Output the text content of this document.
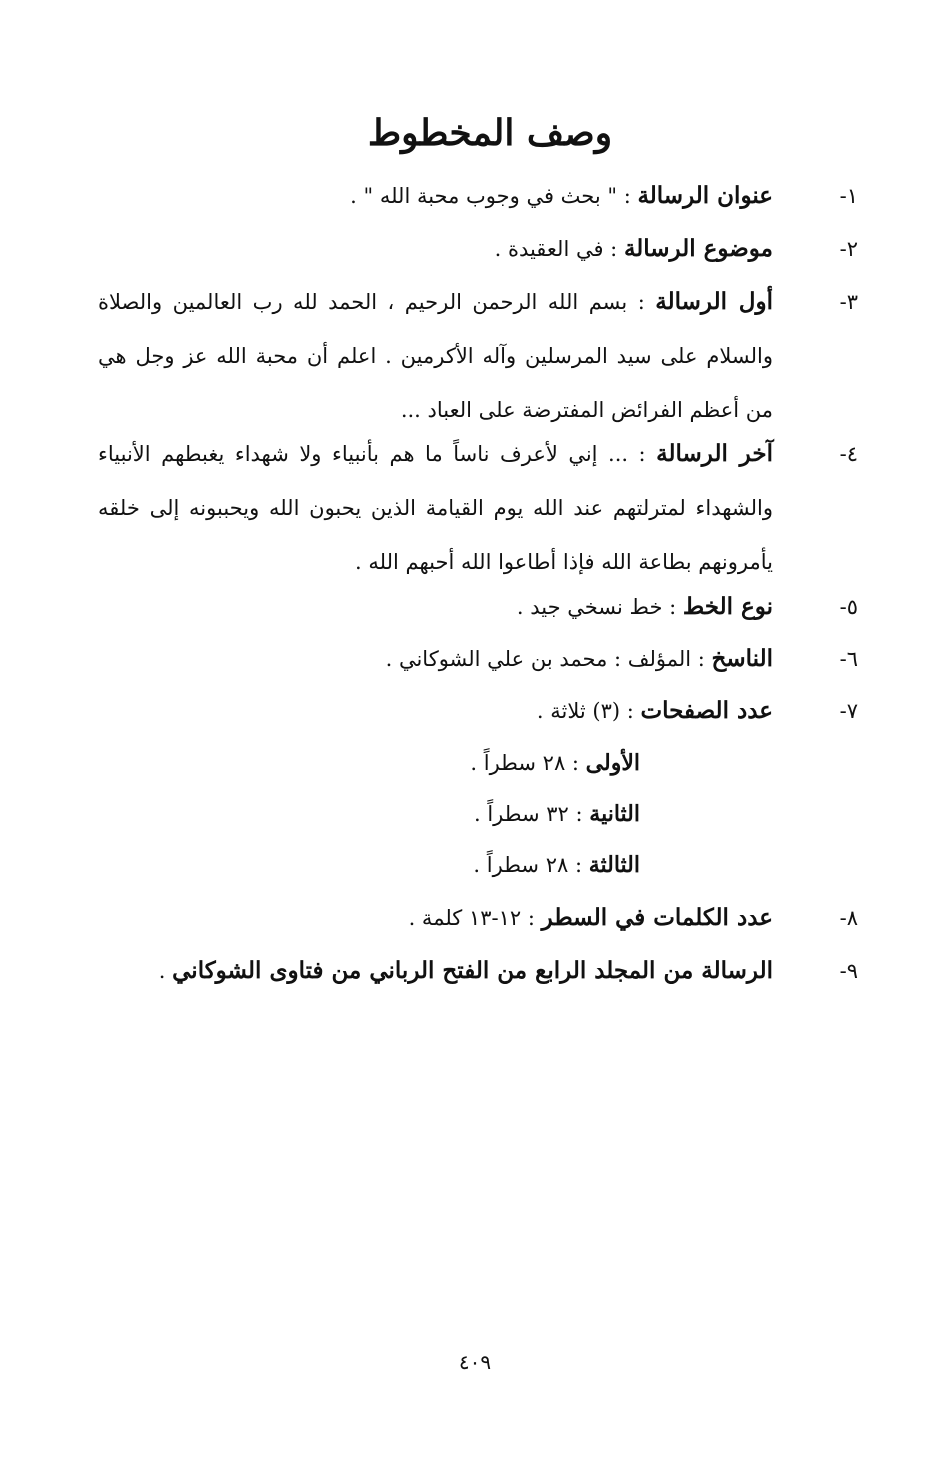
وصف المخطوط
١-
عنوان الرسالة : " بحث في وجوب محبة الله " .
٢-
موضوع الرسالة : في العقيدة .
٣-
أول الرسالة : بسم الله الرحمن الرحيم ، الحمد لله رب العالمين والصلاة والسلام على سيد المرسلين وآله الأكرمين . اعلم أن محبة الله عز وجل هي من أعظم الفرائض المفترضة على العباد ...
٤-
آخر الرسالة : ... إني لأعرف ناساً ما هم بأنبياء ولا شهداء يغبطهم الأنبياء والشهداء لمترلتهم عند الله يوم القيامة الذين يحبون الله ويحببونه إلى خلقه يأمرونهم بطاعة الله فإذا أطاعوا الله أحبهم الله .
٥-
نوع الخط : خط نسخي جيد .
٦-
الناسخ : المؤلف : محمد بن علي الشوكاني .
٧-
عدد الصفحات : (٣) ثلاثة .
الأولى : ٢٨ سطراً .
الثانية : ٣٢ سطراً .
الثالثة : ٢٨ سطراً .
٨-
عدد الكلمات في السطر : ١٢-١٣ كلمة .
٩-
الرسالة من المجلد الرابع من الفتح الرباني من فتاوى الشوكاني .
٤٠٩
